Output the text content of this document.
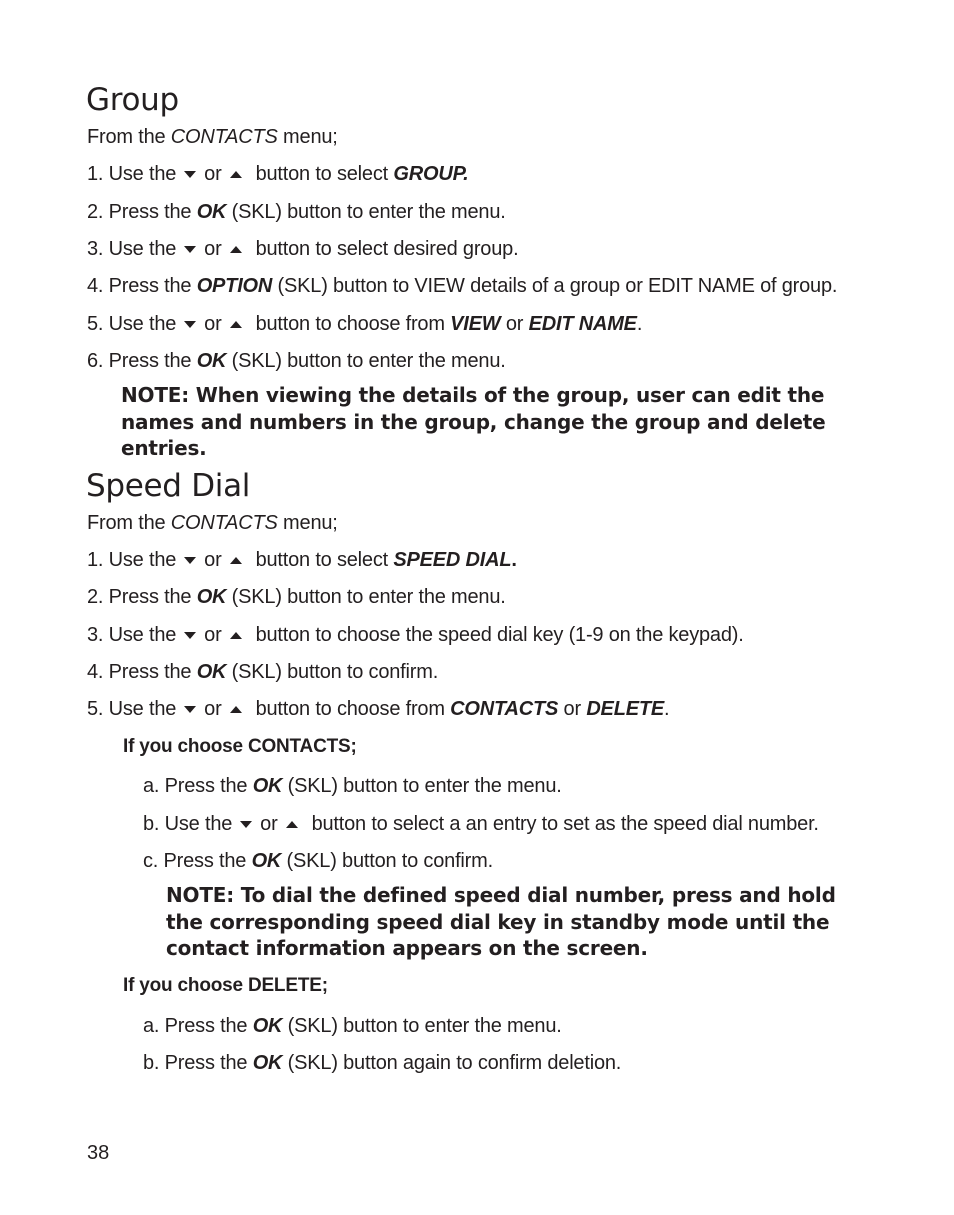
Group
From the CONTACTS menu;
1. Use the or button to select GROUP.
2. Press the OK (SKL) button to enter the menu.
3. Use the or button to select desired group.
4. Press the OPTION (SKL) button to VIEW details of a group or EDIT NAME of group.
5. Use the or button to choose from VIEW or EDIT NAME.
6. Press the OK (SKL) button to enter the menu.
NOTE: When viewing the details of the group, user can edit the
names and numbers in the group, change the group and delete
entries.
Speed Dial
From the CONTACTS menu;
1. Use the or button to select SPEED DIAL.
2. Press the OK (SKL) button to enter the menu.
3. Use the or button to choose the speed dial key (1-9 on the keypad).
4. Press the OK (SKL) button to confirm.
5. Use the or button to choose from CONTACTS or DELETE.
If you choose CONTACTS;
a. Press the OK (SKL) button to enter the menu.
b. Use the or button to select a an entry to set as the speed dial number.
c. Press the OK (SKL) button to confirm.
NOTE: To dial the defined speed dial number, press and hold
the corresponding speed dial key in standby mode until the
contact information appears on the screen.
If you choose DELETE;
a. Press the OK (SKL) button to enter the menu.
b. Press the OK (SKL) button again to confirm deletion.
38
